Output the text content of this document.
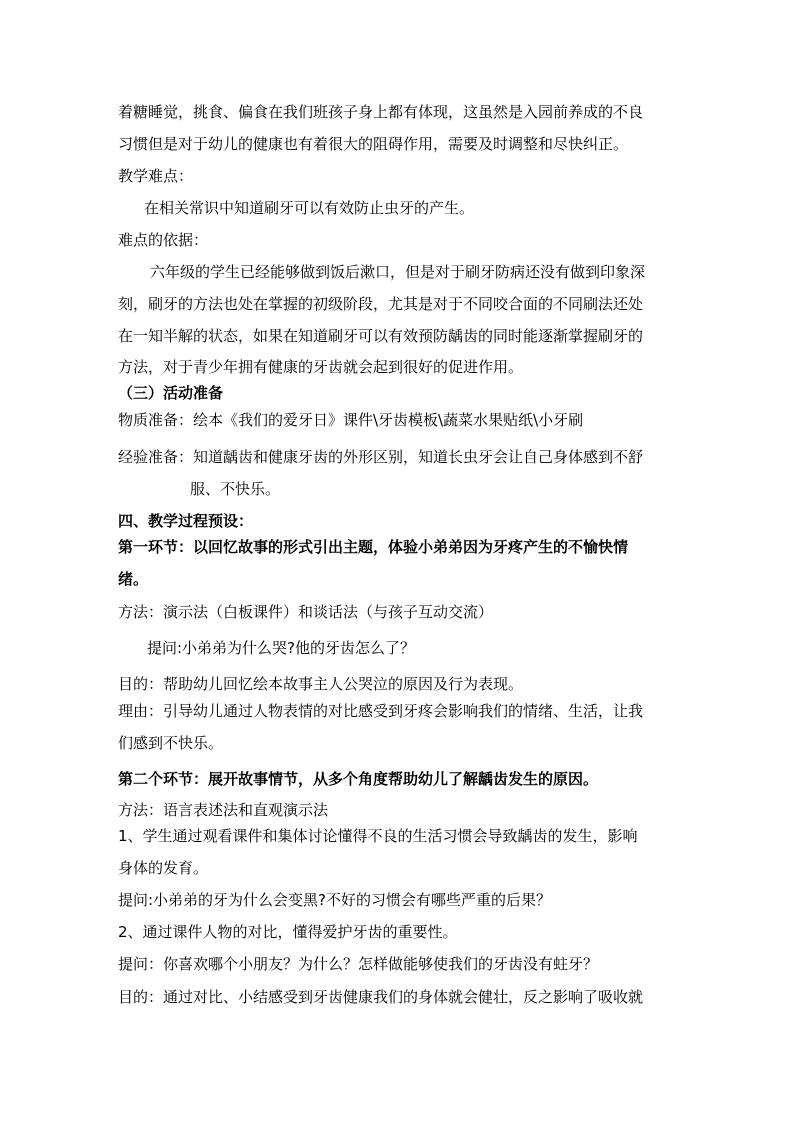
着糖睡觉，挑食、偏食在我们班孩子身上都有体现，这虽然是入园前养成的不良
习惯但是对于幼儿的健康也有着很大的阻碍作用，需要及时调整和尽快纠正。
教学难点：
在相关常识中知道刷牙可以有效防止虫牙的产生。
难点的依据：
六年级的学生已经能够做到饭后漱口，但是对于刷牙防病还没有做到印象深
刻，刷牙的方法也处在掌握的初级阶段，尤其是对于不同咬合面的不同刷法还处
在一知半解的状态，如果在知道刷牙可以有效预防龋齿的同时能逐渐掌握刷牙的
方法，对于青少年拥有健康的牙齿就会起到很好的促进作用。
（三）活动准备
物质准备：绘本《我们的爱牙日》课件\牙齿模板\蔬菜水果贴纸\小牙刷
经验准备：知道龋齿和健康牙齿的外形区别，知道长虫牙会让自己身体感到不舒
服、不快乐。
四、教学过程预设：
第一环节：以回忆故事的形式引出主题，体验小弟弟因为牙疼产生的不愉快情
绪。
方法：演示法（白板课件）和谈话法（与孩子互动交流）
提问:小弟弟为什么哭?他的牙齿怎么了？
目的：帮助幼儿回忆绘本故事主人公哭泣的原因及行为表现。
理由：引导幼儿通过人物表情的对比感受到牙疼会影响我们的情绪、生活，让我
们感到不快乐。
第二个环节：展开故事情节，从多个角度帮助幼儿了解龋齿发生的原因。
方法：语言表述法和直观演示法
1、学生通过观看课件和集体讨论懂得不良的生活习惯会导致龋齿的发生，影响
身体的发育。
提问:小弟弟的牙为什么会变黑?不好的习惯会有哪些严重的后果？
2、通过课件人物的对比，懂得爱护牙齿的重要性。
提问：你喜欢哪个小朋友？为什么？怎样做能够使我们的牙齿没有蛀牙？
目的：通过对比、小结感受到牙齿健康我们的身体就会健壮，反之影响了吸收就
